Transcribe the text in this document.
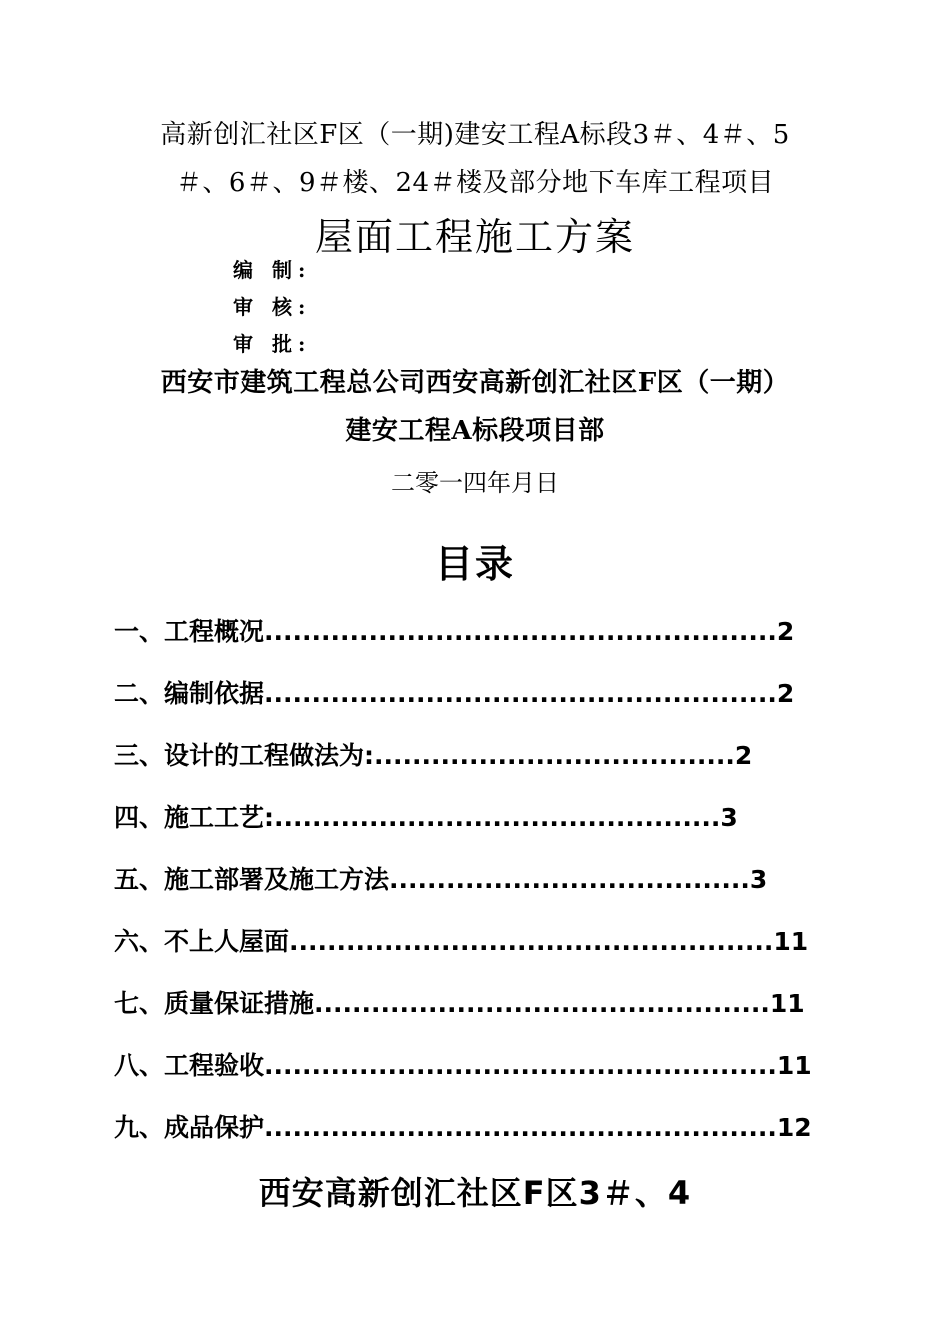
高新创汇社区F区（一期)建安工程A标段3＃、4＃、5
＃、6＃、9＃楼、24＃楼及部分地下车库工程项目
屋面工程施工方案
编 制:
审 核:
审 批:
西安市建筑工程总公司西安高新创汇社区F区（一期）
建安工程A标段项目部
二零一四年月日
目录
一、工程概况 ...................................................... 2
二、编制依据 ...................................................... 2
三、设计的工程做法为: ...................................... 2
四、施工工艺: ............................................... 3
五、施工部署及施工方法 ...................................... 3
六、不上人屋面 ................................................... 11
七、质量保证措施 ................................................ 11
八、工程验收 ...................................................... 11
九、成品保护 ...................................................... 12
西安高新创汇社区F区3＃、4
